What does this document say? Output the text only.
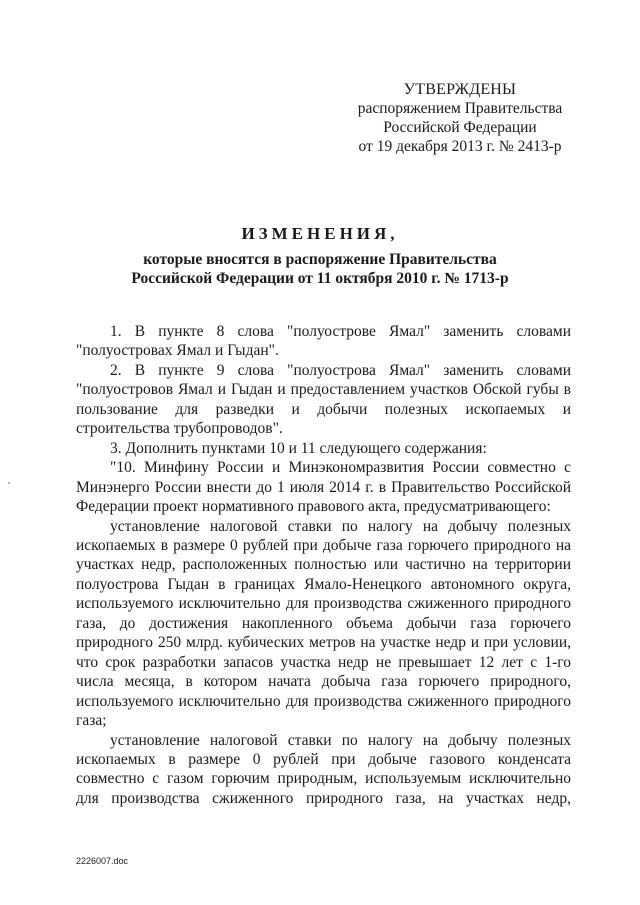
УТВЕРЖДЕНЫ
распоряжением Правительства
Российской Федерации
от 19 декабря 2013 г. № 2413-р
ИЗМЕНЕНИЯ,
которые вносятся в распоряжение Правительства
Российской Федерации от 11 октября 2010 г. № 1713-р

1. В пункте 8 слова "полуострове Ямал" заменить словами "полуостровах Ямал и Гыдан".

2. В пункте 9 слова "полуострова Ямал" заменить словами "полуостровов Ямал и Гыдан и предоставлением участков Обской губы в пользование для разведки и добычи полезных ископаемых и строительства трубопроводов".

3. Дополнить пунктами 10 и 11 следующего содержания:

"10. Минфину России и Минэкономразвития России совместно с Минэнерго России внести до 1 июля 2014 г. в Правительство Российской Федерации проект нормативного правового акта, предусматривающего:

установление налоговой ставки по налогу на добычу полезных ископаемых в размере 0 рублей при добыче газа горючего природного на участках недр, расположенных полностью или частично на территории полуострова Гыдан в границах Ямало-Ненецкого автономного округа, используемого исключительно для производства сжиженного природного газа, до достижения накопленного объема добычи газа горючего природного 250 млрд. кубических метров на участке недр и при условии, что срок разработки запасов участка недр не превышает 12 лет с 1-го числа месяца, в котором начата добыча газа горючего природного, используемого исключительно для производства сжиженного природного газа;

установление налоговой ставки по налогу на добычу полезных ископаемых в размере 0 рублей при добыче газового конденсата совместно с газом горючим природным, используемым исключительно для производства сжиженного природного газа, на участках недр,

2226007.doc
